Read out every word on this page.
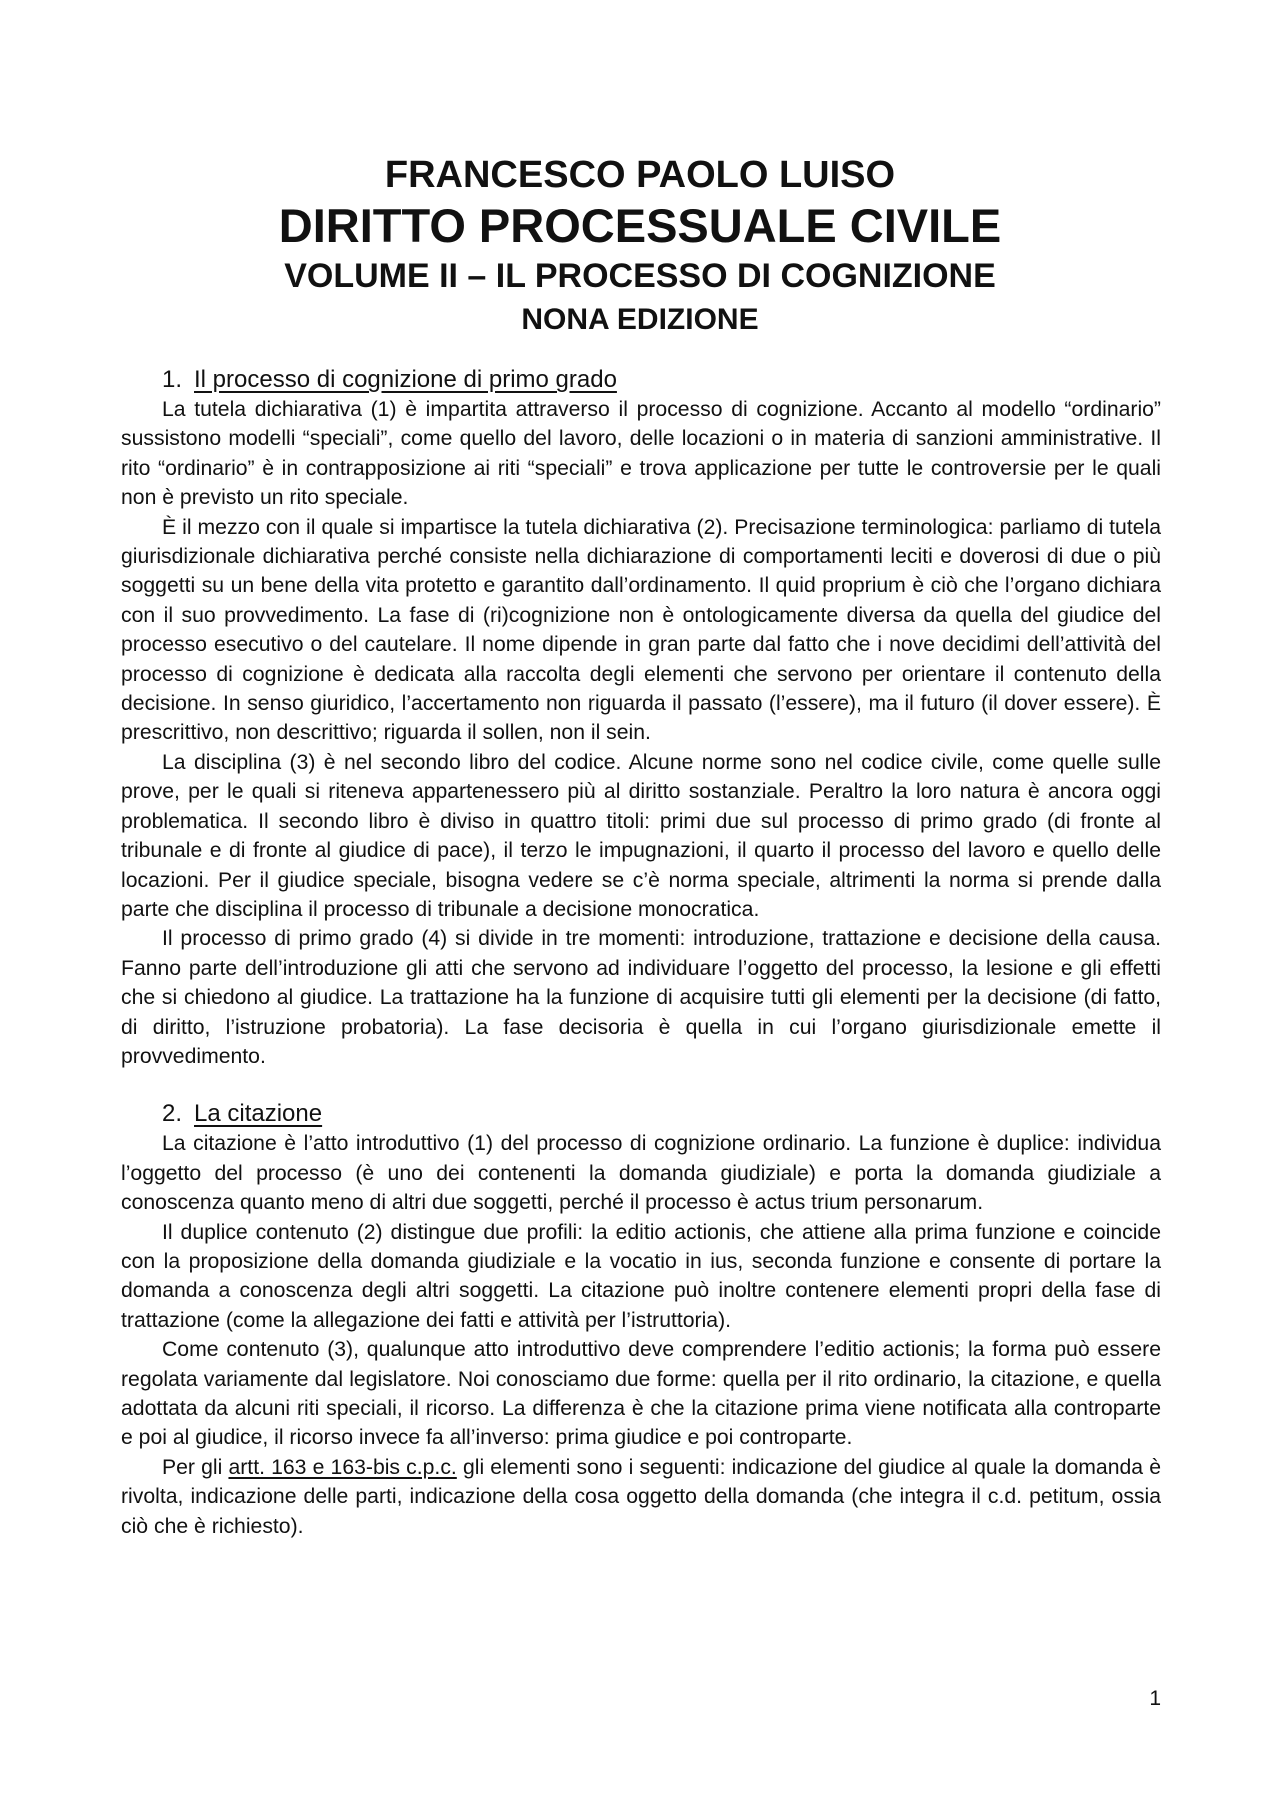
FRANCESCO PAOLO LUISO
DIRITTO PROCESSUALE CIVILE
VOLUME II – IL PROCESSO DI COGNIZIONE
NONA EDIZIONE
1. Il processo di cognizione di primo grado

La tutela dichiarativa (1) è impartita attraverso il processo di cognizione. Accanto al modello “ordinario” sussistono modelli “speciali”, come quello del lavoro, delle locazioni o in materia di sanzioni amministrative. Il rito “ordinario” è in contrapposizione ai riti “speciali” e trova applicazione per tutte le controversie per le quali non è previsto un rito speciale.

È il mezzo con il quale si impartisce la tutela dichiarativa (2). Precisazione terminologica: parliamo di tutela giurisdizionale dichiarativa perché consiste nella dichiarazione di comportamenti leciti e doverosi di due o più soggetti su un bene della vita protetto e garantito dall’ordinamento. Il quid proprium è ciò che l’organo dichiara con il suo provvedimento. La fase di (ri)cognizione non è ontologicamente diversa da quella del giudice del processo esecutivo o del cautelare. Il nome dipende in gran parte dal fatto che i nove decidimi dell’attività del processo di cognizione è dedicata alla raccolta degli elementi che servono per orientare il contenuto della decisione. In senso giuridico, l’accertamento non riguarda il passato (l’essere), ma il futuro (il dover essere). È prescrittivo, non descrittivo; riguarda il sollen, non il sein.

La disciplina (3) è nel secondo libro del codice. Alcune norme sono nel codice civile, come quelle sulle prove, per le quali si riteneva appartenessero più al diritto sostanziale. Peraltro la loro natura è ancora oggi problematica. Il secondo libro è diviso in quattro titoli: primi due sul processo di primo grado (di fronte al tribunale e di fronte al giudice di pace), il terzo le impugnazioni, il quarto il processo del lavoro e quello delle locazioni. Per il giudice speciale, bisogna vedere se c’è norma speciale, altrimenti la norma si prende dalla parte che disciplina il processo di tribunale a decisione monocratica.

Il processo di primo grado (4) si divide in tre momenti: introduzione, trattazione e decisione della causa. Fanno parte dell’introduzione gli atti che servono ad individuare l’oggetto del processo, la lesione e gli effetti che si chiedono al giudice. La trattazione ha la funzione di acquisire tutti gli elementi per la decisione (di fatto, di diritto, l’istruzione probatoria). La fase decisoria è quella in cui l’organo giurisdizionale emette il provvedimento.

2. La citazione

La citazione è l’atto introduttivo (1) del processo di cognizione ordinario. La funzione è duplice: individua l’oggetto del processo (è uno dei contenenti la domanda giudiziale) e porta la domanda giudiziale a conoscenza quanto meno di altri due soggetti, perché il processo è actus trium personarum.

Il duplice contenuto (2) distingue due profili: la editio actionis, che attiene alla prima funzione e coincide con la proposizione della domanda giudiziale e la vocatio in ius, seconda funzione e consente di portare la domanda a conoscenza degli altri soggetti. La citazione può inoltre contenere elementi propri della fase di trattazione (come la allegazione dei fatti e attività per l’istruttoria).

Come contenuto (3), qualunque atto introduttivo deve comprendere l’editio actionis; la forma può essere regolata variamente dal legislatore. Noi conosciamo due forme: quella per il rito ordinario, la citazione, e quella adottata da alcuni riti speciali, il ricorso. La differenza è che la citazione prima viene notificata alla controparte e poi al giudice, il ricorso invece fa all’inverso: prima giudice e poi controparte.

Per gli artt. 163 e 163-bis c.p.c. gli elementi sono i seguenti: indicazione del giudice al quale la domanda è rivolta, indicazione delle parti, indicazione della cosa oggetto della domanda (che integra il c.d. petitum, ossia ciò che è richiesto).

1
